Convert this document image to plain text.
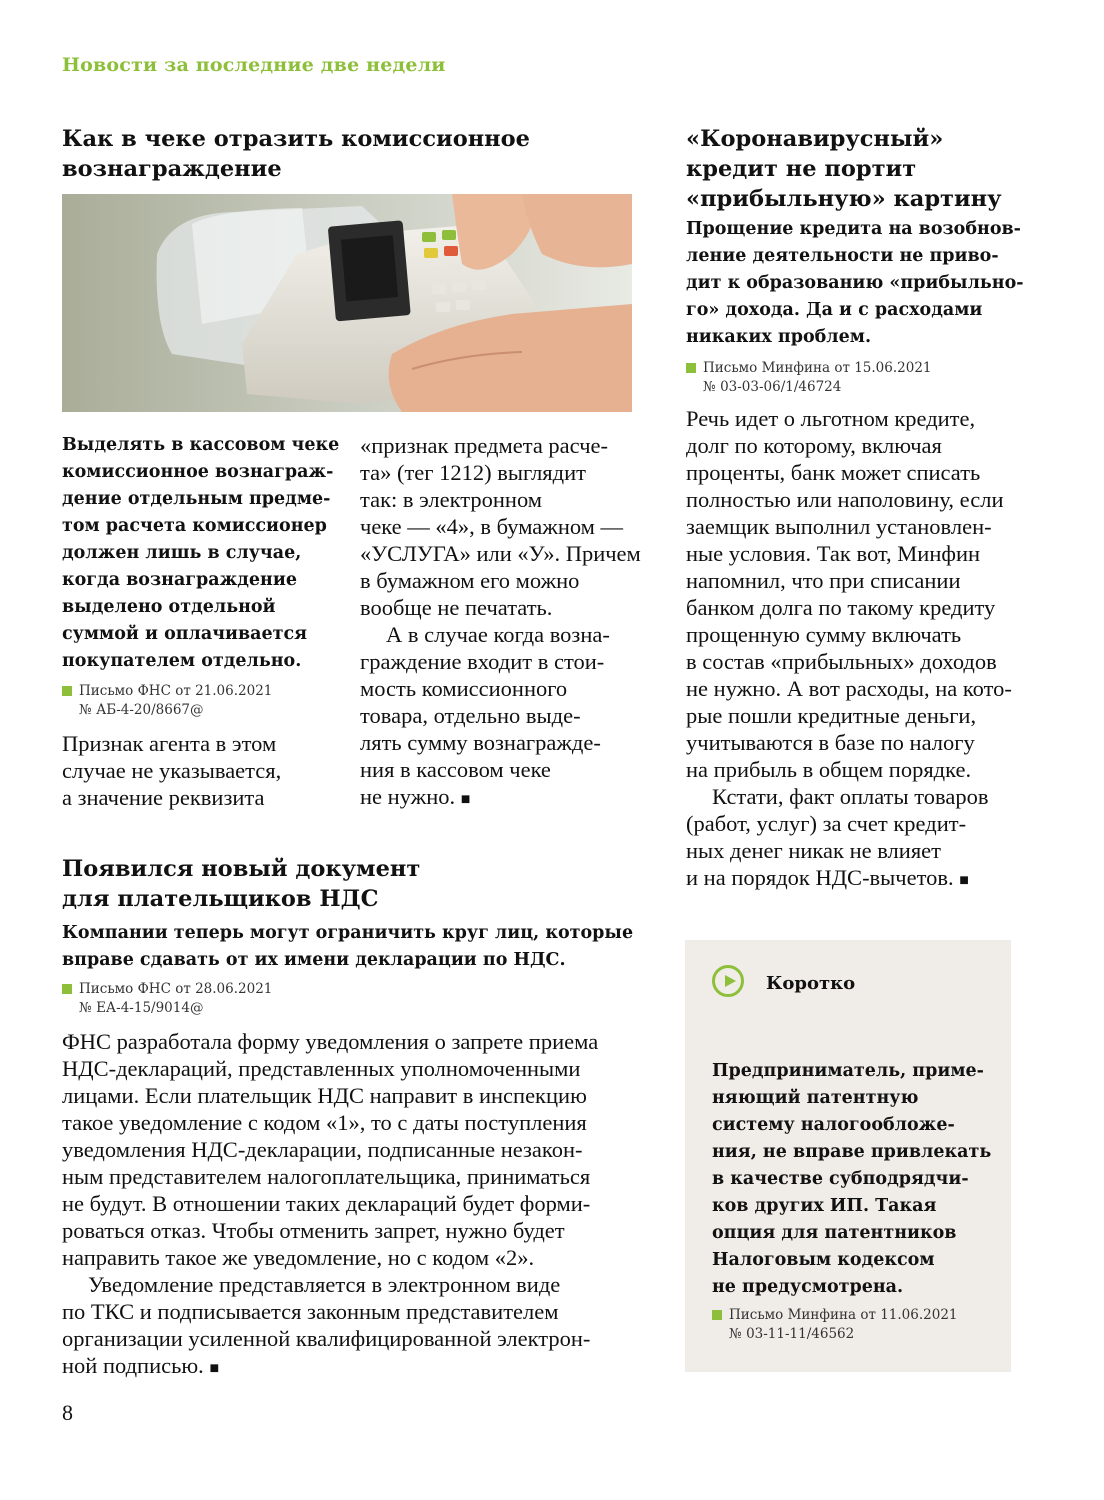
Новости за последние две недели
Как в чеке отразить комиссионное
вознаграждение
Выделять в кассовом чеке
комиссионное вознаграж-
дение отдельным предме-
том расчета комиссионер
должен лишь в случае,
когда вознаграждение
выделено отдельной
суммой и оплачивается
покупателем отдельно.
Письмо ФНС от 21.06.2021
№ АБ-4-20/8667@
Признак агента в этом
случае не указывается,
а значение реквизита
«признак предмета расче-
та» (тег 1212) выглядит
так: в электронном
чеке — «4», в бумажном —
«УСЛУГА» или «У». Причем
в бумажном его можно
вообще не печатать.
А в случае когда возна-
граждение входит в стои-
мость комиссионного
товара, отдельно выде-
лять сумму вознагражде-
ния в кассовом чеке
не нужно. ■
Появился новый документ
для плательщиков НДС
Компании теперь могут ограничить круг лиц, которые
вправе сдавать от их имени декларации по НДС.
Письмо ФНС от 28.06.2021
№ ЕА-4-15/9014@
ФНС разработала форму уведомления о запрете приема
НДС-деклараций, представленных уполномоченными
лицами. Если плательщик НДС направит в инспекцию
такое уведомление с кодом «1», то с даты поступления
уведомления НДС-декларации, подписанные незакон-
ным представителем налогоплательщика, приниматься
не будут. В отношении таких деклараций будет форми-
роваться отказ. Чтобы отменить запрет, нужно будет
направить такое же уведомление, но с кодом «2».
Уведомление представляется в электронном виде
по ТКС и подписывается законным представителем
организации усиленной квалифицированной электрон-
ной подписью. ■
«Коронавирусный»
кредит не портит
«прибыльную» картину
Прощение кредита на возобнов-
ление деятельности не приво-
дит к образованию «прибыльно-
го» дохода. Да и с расходами
никаких проблем.
Письмо Минфина от 15.06.2021
№ 03-03-06/1/46724
Речь идет о льготном кредите,
долг по которому, включая
проценты, банк может списать
полностью или наполовину, если
заемщик выполнил установлен-
ные условия. Так вот, Минфин
напомнил, что при списании
банком долга по такому кредиту
прощенную сумму включать
в состав «прибыльных» доходов
не нужно. А вот расходы, на кото-
рые пошли кредитные деньги,
учитываются в базе по налогу
на прибыль в общем порядке.
Кстати, факт оплаты товаров
(работ, услуг) за счет кредит-
ных денег никак не влияет
и на порядок НДС-вычетов. ■
Коротко
Предприниматель, приме-
няющий патентную
систему налогообложе-
ния, не вправе привлекать
в качестве субподрядчи-
ков других ИП. Такая
опция для патентников
Налоговым кодексом
не предусмотрена.
Письмо Минфина от 11.06.2021
№ 03-11-11/46562
8
